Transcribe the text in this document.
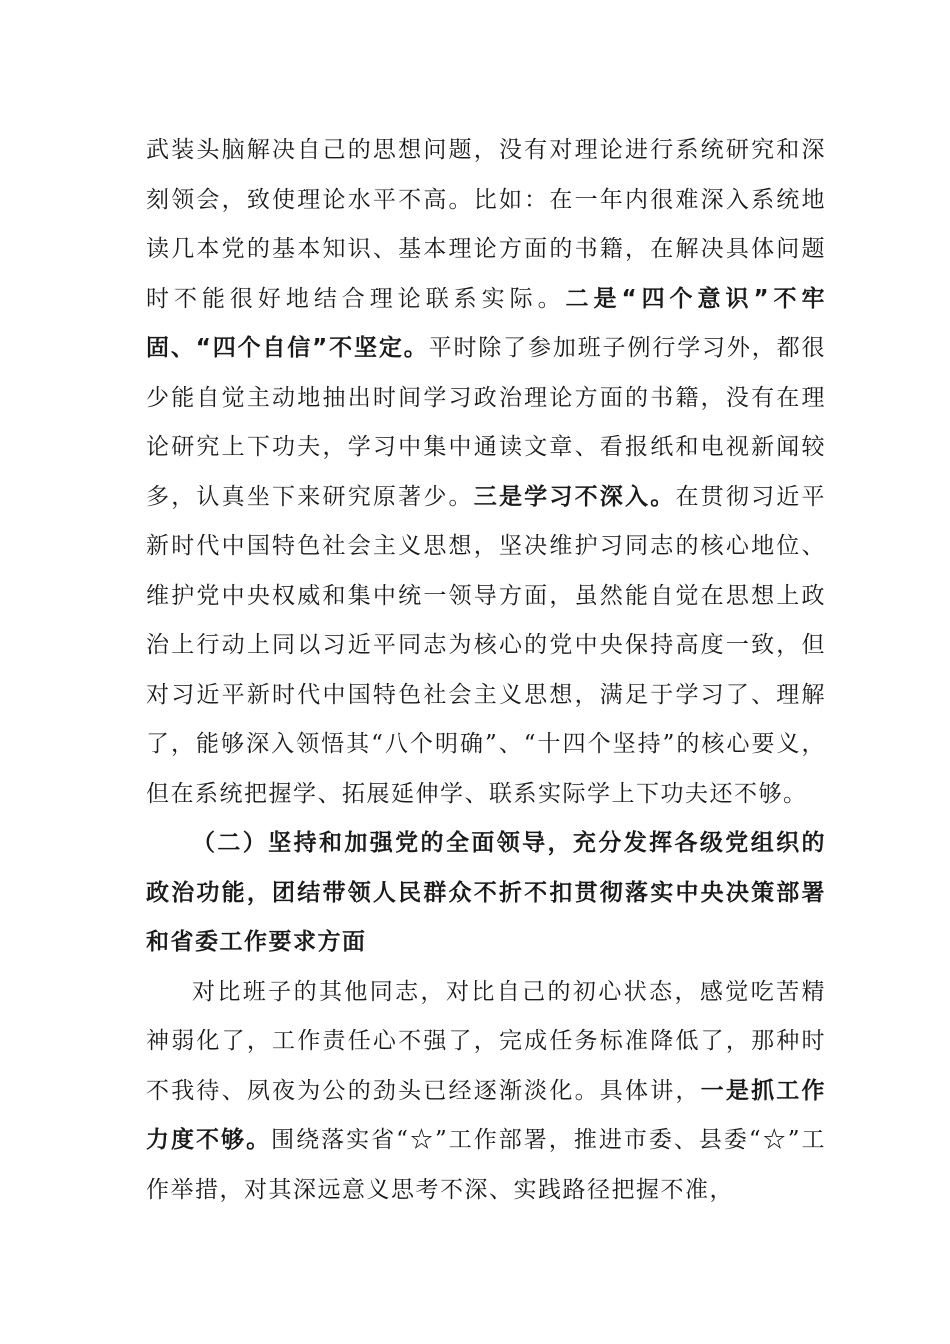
武装头脑解决自己的思想问题，没有对理论进行系统研究和深刻领会，致使理论水平不高。比如：在一年内很难深入系统地读几本党的基本知识、基本理论方面的书籍，在解决具体问题时不能很好地结合理论联系实际。二是“四个意识”不牢固、“四个自信”不坚定。平时除了参加班子例行学习外，都很少能自觉主动地抽出时间学习政治理论方面的书籍，没有在理论研究上下功夫，学习中集中通读文章、看报纸和电视新闻较多，认真坐下来研究原著少。三是学习不深入。在贯彻习近平新时代中国特色社会主义思想，坚决维护习同志的核心地位、维护党中央权威和集中统一领导方面，虽然能自觉在思想上政治上行动上同以习近平同志为核心的党中央保持高度一致，但对习近平新时代中国特色社会主义思想，满足于学习了、理解了，能够深入领悟其“八个明确”、“十四个坚持”的核心要义，但在系统把握学、拓展延伸学、联系实际学上下功夫还不够。

（二）坚持和加强党的全面领导，充分发挥各级党组织的政治功能，团结带领人民群众不折不扣贯彻落实中央决策部署和省委工作要求方面

对比班子的其他同志，对比自己的初心状态，感觉吃苦精神弱化了，工作责任心不强了，完成任务标准降低了，那种时不我待、夙夜为公的劲头已经逐渐淡化。具体讲，一是抓工作力度不够。围绕落实省“☆”工作部署，推进市委、县委“☆”工作举措，对其深远意义思考不深、实践路径把握不准，
